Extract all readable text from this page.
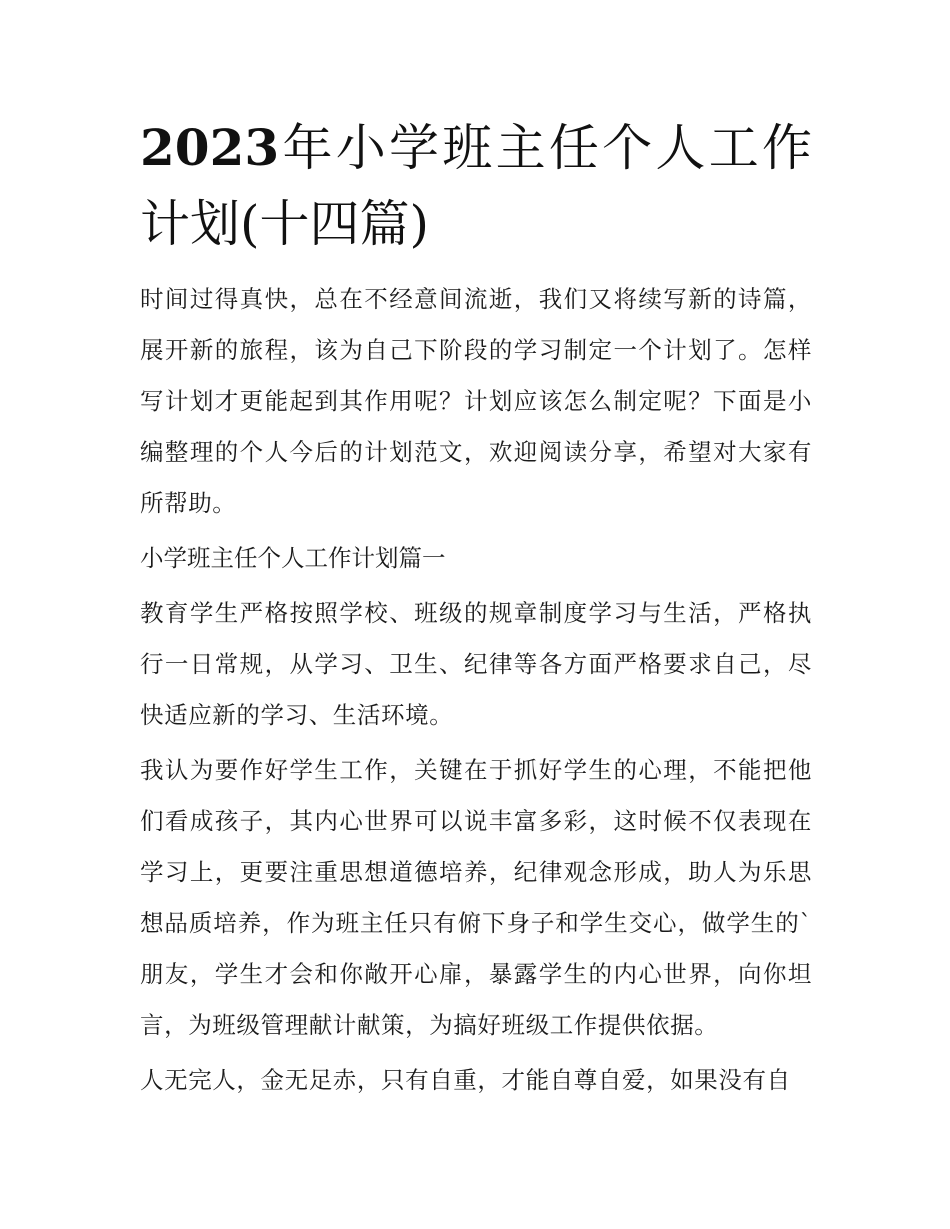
2023年小学班主任个人工作计划(十四篇)

时间过得真快，总在不经意间流逝，我们又将续写新的诗篇，展开新的旅程，该为自己下阶段的学习制定一个计划了。怎样写计划才更能起到其作用呢？计划应该怎么制定呢？下面是小编整理的个人今后的计划范文，欢迎阅读分享，希望对大家有所帮助。

小学班主任个人工作计划篇一

教育学生严格按照学校、班级的规章制度学习与生活，严格执行一日常规，从学习、卫生、纪律等各方面严格要求自己，尽快适应新的学习、生活环境。

我认为要作好学生工作，关键在于抓好学生的心理，不能把他们看成孩子，其内心世界可以说丰富多彩，这时候不仅表现在学习上，更要注重思想道德培养，纪律观念形成，助人为乐思想品质培养，作为班主任只有俯下身子和学生交心，做学生的`朋友，学生才会和你敞开心扉，暴露学生的内心世界，向你坦言，为班级管理献计献策，为搞好班级工作提供依据。

人无完人，金无足赤，只有自重，才能自尊自爱，如果没有自
